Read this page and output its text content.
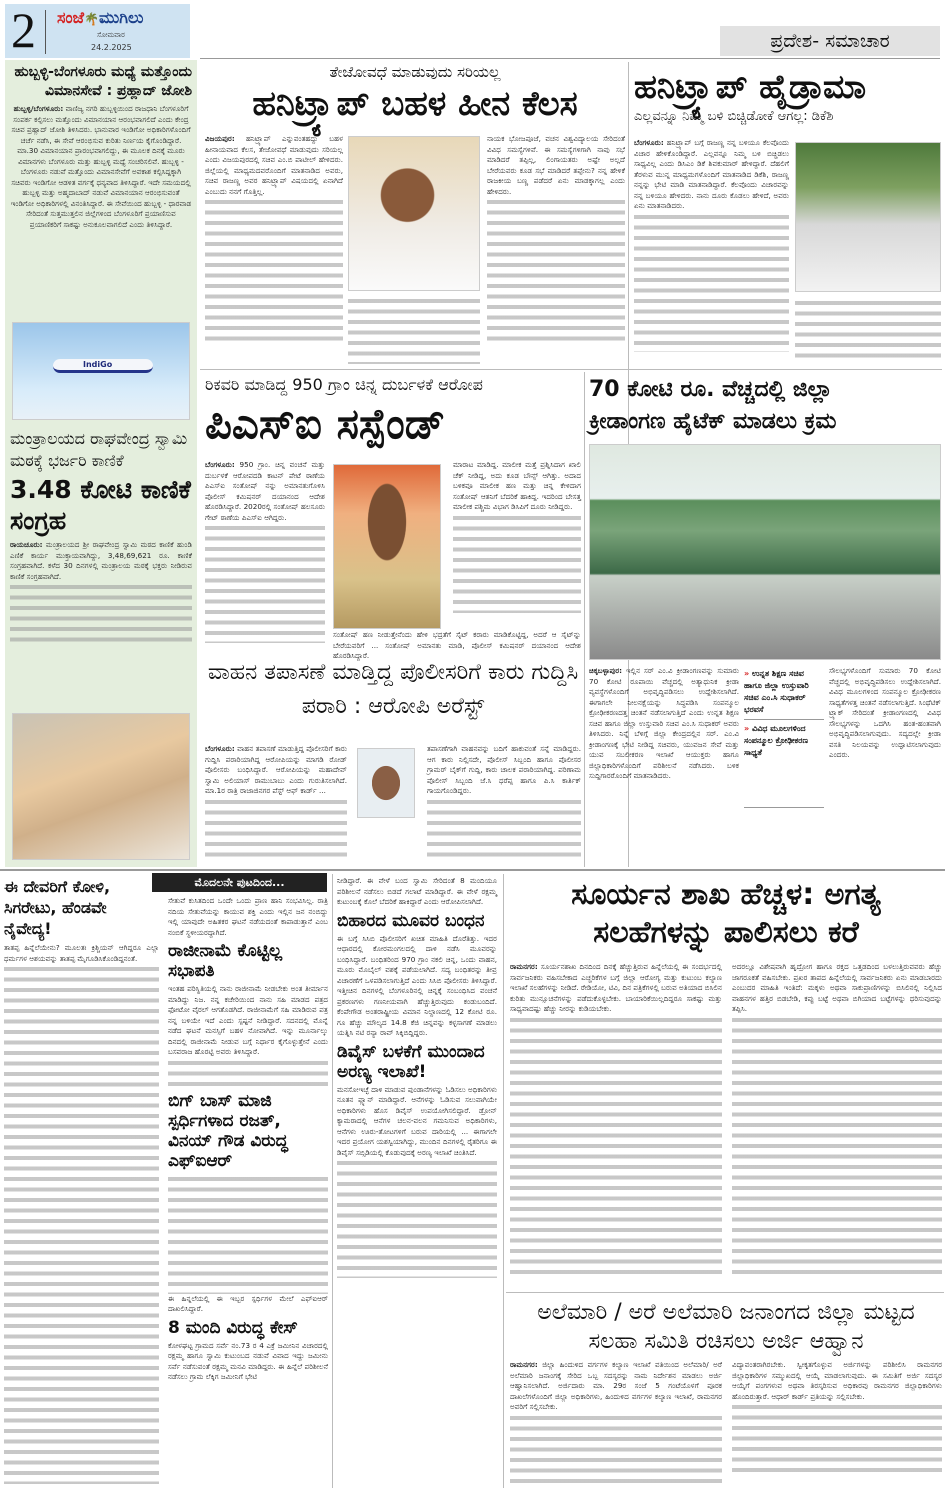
2 ಸಂಜೆ🌴ಮುಗಿಲು
ಸೋಮವಾರ
24.2.2025	ಪ್ರದೇಶ- ಸಮಾಚಾರ
ಹುಬ್ಬಳ್ಳಿ-ಬೆಂಗಳೂರು ಮಧ್ಯೆ ಮತ್ತೊಂದು ವಿಮಾನಸೇವೆ : ಪ್ರಹ್ಲಾದ್ ಜೋಶಿ
ಹುಬ್ಬಳ್ಳಿ/ಬೆಂಗಳೂರು: ವಾಣಿಜ್ಯ ನಗರಿ ಹುಬ್ಬಳ್ಳಿಯಿಂದ ರಾಜಧಾನಿ ಬೆಂಗಳೂರಿಗೆ ಸಂಪರ್ಕ ಕಲ್ಪಿಸಲು ಮತ್ತೊಂದು ವಿಮಾನಯಾನ ಆರಂಭವಾಗಲಿದೆ ಎಂದು ಕೇಂದ್ರ ಸಚಿವ ಪ್ರಹ್ಲಾದ್ ಜೋಶಿ ತಿಳಿಸಿದರು. ಭಾನುವಾರ ಇಂಡಿಗೋ ಅಧಿಕಾರಿಗಳೊಂದಿಗೆ ಚರ್ಚೆ ನಡೆಸಿ, ಈ ಸೇವೆ ಆರಂಭಿಸುವ ಕುರಿತು ನಿರ್ಣಯ ಕೈಗೊಂಡಿದ್ದಾರೆ. ಮಾ.30 ವಿಮಾನಯಾನ ಪ್ರಾರಂಭವಾಗಲಿದ್ದು, ಈ ಮೂಲಕ ದಿನಕ್ಕೆ ಮೂರು ವಿಮಾನಗಳು ಬೆಂಗಳೂರು ಮತ್ತು ಹುಬ್ಬಳ್ಳಿ ಮಧ್ಯೆ ಸಂಚರಿಸಲಿವೆ. ಹುಬ್ಬಳ್ಳಿ - ಬೆಂಗಳೂರು ನಡುವೆ ಮತ್ತೊಂದು ವಿಮಾನಸೇವೆಗೆ ಅವಕಾಶ ಕಲ್ಪಿಸಿದ್ದಕ್ಕಾಗಿ ಸಚಿವರು ಇಂಡಿಗೋ ಆಡಳಿತ ವರ್ಗಕ್ಕೆ ಧನ್ಯವಾದ ತಿಳಿಸಿದ್ದಾರೆ. ಇದೇ ಸಮಯದಲ್ಲಿ ಹುಬ್ಬಳ್ಳಿ ಮತ್ತು ಅಹ್ಮದಾಬಾದ್ ನಡುವೆ ವಿಮಾನಯಾನ ಆರಂಭಿಸುವಂತೆ ಇಂಡಿಗೋ ಅಧಿಕಾರಿಗಳಲ್ಲಿ ವಿನಂತಿಸಿದ್ದಾರೆ. ಈ ಸೇವೆಯಿಂದ ಹುಬ್ಬಳ್ಳಿ - ಧಾರವಾಡ ಸೇರಿದಂತೆ ಸುತ್ತಮುತ್ತಲಿನ ಜಿಲ್ಲೆಗಳಿಂದ ಬೆಂಗಳೂರಿಗೆ ಪ್ರಯಾಣಿಸುವ ಪ್ರಯಾಣಿಕರಿಗೆ ಸಾಕಷ್ಟು ಅನುಕೂಲವಾಗಲಿದೆ ಎಂದು ತಿಳಿಸಿದ್ದಾರೆ.
IndiGo
ಮಂತ್ರಾಲಯದ ರಾಘವೇಂದ್ರ ಸ್ವಾಮಿ ಮಠಕ್ಕೆ ಭರ್ಜರಿ ಕಾಣಿಕೆ
3.48 ಕೋಟಿ ಕಾಣಿಕೆ ಸಂಗ್ರಹ
ರಾಯಚೂರು: ಮಂತ್ರಾಲಯದ ಶ್ರೀ ರಾಘವೇಂದ್ರ ಸ್ವಾಮಿ ಮಠದ ಕಾಣಿಕೆ ಹುಂಡಿ ಎಣಿಕೆ ಕಾರ್ಯ ಮುಕ್ತಾಯವಾಗಿದ್ದು, 3,48,69,621 ರೂ. ಕಾಣಿಕೆ ಸಂಗ್ರಹವಾಗಿದೆ. ಕಳೆದ 30 ದಿನಗಳಲ್ಲಿ ಮಂತ್ರಾಲಯ ಮಠಕ್ಕೆ ಭಕ್ತರು ನೀಡಿರುವ ಕಾಣಿಕೆ ಸಂಗ್ರಹವಾಗಿದೆ.
ತೇಜೋವಧೆ ಮಾಡುವುದು ಸರಿಯಲ್ಲ
ಹನಿಟ್ರ್ಯಾಪ್ ಬಹಳ ಹೀನ ಕೆಲಸ
ವಿಜಯಪುರ: ಹನಿಟ್ರ್ಯಾಪ್ ಎನ್ನುವಂತಹದ್ದು ಬಹಳ ಹೀನಾಯವಾದ ಕೆಲಸ, ತೇಜೋವಧೆ ಮಾಡುವುದು ಸರಿಯಲ್ಲ ಎಂದು ವಿಜಯಪುರದಲ್ಲಿ ಸಚಿವ ಎಂ.ಬಿ ಪಾಟೀಲ್ ಹೇಳಿದರು. ಜಿಲ್ಲೆಯಲ್ಲಿ ಮಾಧ್ಯಮದವರೊಂದಿಗೆ ಮಾತನಾಡಿದ ಅವರು, ಸಚಿವ ರಾಜಣ್ಣ ಅವರ ಹನಿಟ್ರ್ಯಾಪ್ ವಿಷಯದಲ್ಲಿ ಏನಾಗಿದೆ ಎಂಬುದು ನನಗೆ ಗೊತ್ತಿಲ್ಲ.
ನಾಯಕ ಭೋಜಪೂಜೆ, ವಚನ ವಿಶ್ವವಿದ್ಯಾಲಯ ಸೇರಿದಂತೆ ವಿವಿಧ ಸಮಸ್ಯೆಗಳಿವೆ. ಈ ಸಮಸ್ಯೆಗಳಿಗಾಗಿ ನಾವು ಸಭೆ ಮಾಡಿದರೆ ತಪ್ಪಿಲ್ಲ, ಲಿಂಗಾಯತರು ಅಷ್ಟೇ ಅಲ್ಲದೆ ಬೇರೆಯವರು ಕೂಡ ಸಭೆ ಮಾಡಿದರೆ ತಪ್ಪೇನು? ನನ್ನ ಹೇಳಿಕೆ ರಾಜಕೀಯ ಬಣ್ಣ ಪಡೆದರೆ ಏನು ಮಾಡಕ್ಕಾಗಲ್ಲ ಎಂದು ಹೇಳಿದರು.
ಹನಿಟ್ರ್ಯಾಪ್ ಹೈಡ್ರಾಮಾ
ಎಲ್ಲವನ್ನೂ ನಿಮ್ಮ ಬಳಿ ಬಿಚ್ಚಿಡೋಕೆ ಆಗಲ್ಲ: ಡಿಕೆಶಿ
ಬೆಂಗಳೂರು: ಹನಿಟ್ರ್ಯಾಪ್ ಬಗ್ಗೆ ರಾಜಣ್ಣ ನನ್ನ ಬಳಿಯೂ ಕೆಲವೊಂದು ವಿಚಾರ ಹೇಳಿಕೊಂಡಿದ್ದಾರೆ. ಎಲ್ಲವನ್ನೂ ನಿಮ್ಮ ಬಳಿ ಬಿಚ್ಚಿಡಲು ಸಾಧ್ಯವಿಲ್ಲ ಎಂದು ಡಿಸಿಎಂ ಡಿಕೆ ಶಿವಕುಮಾರ್ ಹೇಳಿದ್ದಾರೆ. ದೆಹಲಿಗೆ ತೆರಳುವ ಮುನ್ನ ಮಾಧ್ಯಮಗಳೊಂದಿಗೆ ಮಾತನಾಡಿದ ಡಿಕೆಶಿ, ರಾಜಣ್ಣ ನನ್ನನ್ನು ಭೇಟಿ ಮಾಡಿ ಮಾತನಾಡಿದ್ದಾರೆ. ಕೆಲವೊಂದು ವಿಚಾರವನ್ನು ನನ್ನ ಬಳಿಯೂ ಹೇಳಿದರು. ನಾನು ದೂರು ಕೊಡಲು ಹೇಳಿದೆ, ಅವರು ಏನು ಮಾತನಾಡಿದರು.
ರಿಕವರಿ ಮಾಡಿದ್ದ 950 ಗ್ರಾಂ ಚಿನ್ನ ದುರ್ಬಳಕೆ ಆರೋಪ
ಪಿಎಸ್‌ಐ ಸಸ್ಪೆಂಡ್
ಬೆಂಗಳೂರು: 950 ಗ್ರಾಂ. ಚಿನ್ನ ವಂಚನೆ ಮತ್ತು ದುರ್ಬಳಕೆ ಆರೋಪದಡಿ ಕಾಟನ್ ಪೇಟೆ ಠಾಣೆಯ ಪಿಎಸ್‌ಐ ಸಂತೋಷ್ ನನ್ನು ಅಮಾನತುಗೊಳಿಸಿ ಪೊಲೀಸ್ ಕಮಿಷನರ್ ದಯಾನಂದ ಆದೇಶ ಹೊರಡಿಸಿದ್ದಾರೆ. 2020ರಲ್ಲಿ ಸಂತೋಷ್ ಹಲಸೂರು ಗೇಟ್ ಠಾಣೆಯ ಪಿಎಸ್‌ಐ ಆಗಿದ್ದರು.
ಮಾರಾಟ ಮಾಡಿದ್ದ. ಮಾಲೀಕ ಮತ್ತೆ ಪ್ರಶ್ನಿಸಿದಾಗ ಖಾಲಿ ಚೆಕ್ ನೀಡಿದ್ದ, ಅದು ಕೂಡ ಬೌನ್ಸ್ ಆಗಿತ್ತು. ಅದಾದ ಬಳಿಕವೂ ಮಾಲೀಕ ಹಣ ಮತ್ತು ಚಿನ್ನ ಕೇಳಿದಾಗ ಸಂತೋಷ್ ಆತನಿಗೆ ಬೆದರಿಕೆ ಹಾಕಿದ್ದ. ಇದರಿಂದ ಬೇಸತ್ತ ಮಾಲೀಕ ಪಶ್ಚಿಮ ವಿಭಾಗ ಡಿಸಿಪಿಗೆ ದೂರು ನೀಡಿದ್ದರು.
ಸಂತೋಷ್ ಹಣ ನೀಡುತ್ತೇನೆಂದು ಹೇಳಿ ಭದ್ರತೆಗೆ ಸೈಟ್ ಕರಾರು ಮಾಡಿಕೊಟ್ಟಿದ್ದ, ಅದರೆ ಆ ಸೈಟ್‌ನ್ನು ಬೇರೆಯವರಿಗೆ ... ಸಂತೋಷ್ ಅಮಾನತು ಮಾಡಿ, ಪೊಲೀಸ್ ಕಮಿಷನರ್ ದಯಾನಂದ ಆದೇಶ ಹೊರಡಿಸಿದ್ದಾರೆ.
ವಾಹನ ತಪಾಸಣೆ ಮಾಡ್ತಿದ್ದ ಪೊಲೀಸರಿಗೆ ಕಾರು ಗುದ್ದಿಸಿ ಪರಾರಿ : ಆರೋಪಿ ಅರೆಸ್ಟ್
ಬೆಂಗಳೂರು: ವಾಹನ ತಪಾಸಣೆ ಮಾಡುತ್ತಿದ್ದ ಪೊಲೀಸರಿಗೆ ಕಾರು ಗುದ್ದಿಸಿ ಪರಾರಿಯಾಗಿದ್ದ ಆರೋಪಿಯನ್ನು ಮಾಗಡಿ ರೋಡ್ ಪೊಲೀಸರು ಬಂಧಿಸಿದ್ದಾರೆ. ಆರೋಪಿಯನ್ನು ಮಹಾದೇವ್ ಸ್ವಾಮಿ ಅಲಿಯಾಸ್ ರಾಮುಬಾಬು ಎಂದು ಗುರುತಿಸಲಾಗಿದೆ. ಮಾ.1ರ ರಾತ್ರಿ ರಾಜಾಜಿನಗರ ಪೆಸ್ಟ್ ಆಫ್ ಕಾರ್ಡ್ ...
ತಪಾಸಣೆಗಾಗಿ ವಾಹನವನ್ನು ಬದಿಗೆ ಹಾಕುವಂತೆ ಸನ್ನೆ ಮಾಡಿದ್ದರು. ಆಗ ಕಾರು ನಿಲ್ಲಿಸದೇ, ಪೊಲೀಸ್ ಸಿಬ್ಬಂದಿ ಹಾಗೂ ಪೊಲೀಸರ ಗ್ರಾಮರ್ ಬೈಕ್‌ಗೆ ಗುದ್ದಿ, ಕಾರು ಚಾಲಕ ಪರಾರಿಯಾಗಿದ್ದ. ಪರಿಣಾಮ ಪೊಲೀಸ್ ಸಿಬ್ಬಂದಿ ಜೆ.ಸಿ ಧರೆಪ್ಪ ಹಾಗೂ ಪಿ.ಸಿ ಕಾರ್ತಿಕ್ ಗಾಯಗೊಂಡಿದ್ದರು.
70 ಕೋಟಿ ರೂ. ವೆಚ್ಚದಲ್ಲಿ ಜಿಲ್ಲಾ
ಕ್ರೀಡಾಂಗಣ ಹೈಟೆಕ್ ಮಾಡಲು ಕ್ರಮ
ಚಿಕ್ಕಬಳ್ಳಾಪುರ: ಇಲ್ಲಿನ ಸರ್ ಎಂ.ವಿ ಕ್ರೀಡಾಂಗಣವನ್ನು ಸುಮಾರು 70 ಕೋಟಿ ರೂಪಾಯಿ ವೆಚ್ಚದಲ್ಲಿ ಅತ್ಯಾಧುನಿಕ ಕ್ರೀಡಾ ವ್ಯವಸ್ಥೆಗಳೊಂದಿಗೆ ಅಭಿವೃದ್ಧಿಪಡಿಸಲು ಉದ್ದೇಶಿಸಲಾಗಿದೆ. ಈಗಾಗಲೇ ನೀಲನಕ್ಷೆಯನ್ನು ಸಿದ್ಧಪಡಿಸಿ ಸಂಪನ್ಮೂಲ ಕ್ರೋಢೀಕರಣದತ್ತ ಚಿಂತನೆ ನಡೆಸಲಾಗುತ್ತಿದೆ ಎಂದು ಉನ್ನತ ಶಿಕ್ಷಣ ಸಚಿವ ಹಾಗೂ ಜಿಲ್ಲಾ ಉಸ್ತುವಾರಿ ಸಚಿವ ಎಂ.ಸಿ ಸುಧಾಕರ್ ಅವರು ತಿಳಿಸಿದರು. ನಿನ್ನೆ ಬೆಳಿಗ್ಗೆ ಜಿಲ್ಲಾ ಕೇಂದ್ರದಲ್ಲಿನ ಸರ್. ಎಂ.ವಿ ಕ್ರೀಡಾಂಗಣಕ್ಕೆ ಭೇಟಿ ನೀಡಿದ್ದ ಸಚಿವರು, ಯುವಜನ ಸೇವೆ ಮತ್ತು ಯುವ ಸಬಲೀಕರಣ ಇಲಾಖೆ ಆಯುಕ್ತರು ಹಾಗೂ ಜಿಲ್ಲಾಧಿಕಾರಿಗಳೊಂದಿಗೆ ಪರಿಶೀಲನೆ ನಡೆಸಿದರು. ಬಳಿಕ ಸುದ್ದಿಗಾರರೊಂದಿಗೆ ಮಾತನಾಡಿದರು.
» ಉನ್ನತ ಶಿಕ್ಷಣ ಸಚಿವ ಹಾಗೂ ಜಿಲ್ಲಾ ಉಸ್ತುವಾರಿ ಸಚಿವ ಎಂ.ಸಿ ಸುಧಾಕರ್ ಭರವಸೆ
» ವಿವಿಧ ಮೂಲಗಳಿಂದ ಸಂಪನ್ಮೂಲ ಕ್ರೋಢೀಕರಣ ಸಾಧ್ಯತೆ
ಸೌಲಭ್ಯಗಳೊಂದಿಗೆ ಸುಮಾರು 70 ಕೋಟಿ ವೆಚ್ಚದಲ್ಲಿ ಅಭಿವೃದ್ಧಿಪಡಿಸಲು ಉದ್ದೇಶಿಸಲಾಗಿದೆ. ವಿವಿಧ ಮೂಲಗಳಿಂದ ಸಂಪನ್ಮೂಲ ಕ್ರೋಢೀಕರಣ ಸಾಧ್ಯತೆಗಳತ್ತ ಚಿಂತನೆ ನಡೆಸಲಾಗುತ್ತಿದೆ. ಸಿಂಥೆಟಿಕ್ ಟ್ರ್ಯಾಕ್ ಸೇರಿದಂತೆ ಕ್ರೀಡಾಂಗಣದಲ್ಲಿ ವಿವಿಧ ಸೌಲಭ್ಯಗಳನ್ನು ಒದಗಿಸಿ ಹಂತ-ಹಂತವಾಗಿ ಅಭಿವೃದ್ಧಿಪಡಿಸಲಾಗುವುದು. ಸದ್ಯದಲ್ಲೇ ಕ್ರೀಡಾ ವಸತಿ ನಿಲಯವನ್ನು ಉದ್ಘಾಟಿಸಲಾಗುವುದು ಎಂದರು.
ಈ ದೇವರಿಗೆ ಕೋಳಿ, ಸಿಗರೇಟು, ಹೆಂಡವೇ ನೈವೇದ್ಯ!
ತಾತಪ್ಪ ಹಿನ್ನೆಲೆಯೇನು? ಮೂಲತಃ ಕ್ರಿಶ್ಚಿಯನ್ ಆಗಿದ್ದರೂ ಎಲ್ಲಾ ಧರ್ಮಗಳ ಆಶಯವನ್ನು ತಾತಪ್ಪ ಮೈಗೂಡಿಸಿಕೊಂಡಿದ್ದನಂತೆ.
ಮೊದಲನೇ ಪುಟದಿಂದ...
ಸೇತುವೆ ಕುಸಿತದಿಂದ ಒಂದೇ ಒಂದು ಪ್ರಾಣ ಹಾನಿ ಸಂಭವಿಸಿಲ್ಲ. ರಾತ್ರಿ ನದಿಯ ಸೇತುವೆಯನ್ನು ಕಾಯುವ ಶಕ್ತಿ ಎಂದು ಇಲ್ಲಿನ ಜನ ನಂಬಿದ್ದು ಇಲ್ಲಿ ಯಾವುದೇ ಅಹಿತಕರ ಘಟನೆ ನಡೆಯದಂತೆ ಕಾಪಾಡುತ್ತಾನೆ ಎಂಬ ನಂಬಿಕೆ ಸ್ಥಳೀಯರದ್ದಾಗಿದೆ.
ರಾಜೀನಾಮೆ ಕೊಟ್ಟಿಲ್ಲ ಸಭಾಪತಿ
ಇಂತಹ ಪರಿಸ್ಥಿತಿಯಲ್ಲಿ ನಾನು ರಾಜೀನಾಮೆ ನೀಡಬೇಕು ಅಂತ ತೀರ್ಮಾನ ಮಾಡಿದ್ದು ನಿಜ. ನನ್ನ ಕಚೇರಿಯಿಂದ ನಾನು ಸಹಿ ಮಾಡದ ಪತ್ರದ ಫೋಟೋ ವೈರಲ್ ಆಗತೊಡಗಿದೆ. ರಾಜೀನಾಮೆಗೆ ಸಹಿ ಮಾಡಿರುವ ಪತ್ರ ನನ್ನ ಬಳಿಯೇ ಇದೆ ಎಂದು ಸ್ಪಷ್ಟನೆ ನೀಡಿದ್ದಾರೆ. ಸದನದಲ್ಲಿ ಮೊನ್ನೆ ನಡೆದ ಘಟನೆ ಮನಸ್ಸಿಗೆ ಬಹಳ ನೋವಾಗಿದೆ. ಇನ್ನು ಮೂರ್ನಾಲ್ಕು ದಿನದಲ್ಲಿ ರಾಜೀನಾಮೆ ನೀಡುವ ಬಗ್ಗೆ ನಿರ್ಧಾರ ಕೈಗೊಳ್ಳುತ್ತೇನೆ ಎಂದು ಬಸವರಾಜ ಹೊರಟ್ಟಿ ಅವರು ತಿಳಿಸಿದ್ದಾರೆ.
ಬಿಗ್ ಬಾಸ್ ಮಾಜಿ ಸ್ಪರ್ಧಿಗಳಾದ ರಜತ್, ವಿನಯ್ ಗೌಡ ವಿರುದ್ಧ ಎಫ್ಐಆರ್
ಈ ಹಿನ್ನಲೆಯಲ್ಲಿ ಈ ಇಬ್ಬರ ಸ್ಪರ್ಧಿಗಳ ಮೇಲೆ ಎಫ್‌ಐಆರ್ ದಾಖಲಿಸಿದ್ದಾರೆ.
8 ಮಂದಿ ವಿರುದ್ಧ ಕೇಸ್
ಕೋಳಘಟ್ಟ ಗ್ರಾಮದ ಸರ್ವೆ ನಂ.73 ರ 4 ಎಕ್ರೆ ಜಮೀನಿನ ವಿಚಾರದಲ್ಲಿ ರಕ್ಷಮ್ಮ ಹಾಗೂ ಸ್ವಾಮಿ ಕುಟುಂಬದ ನಡುವೆ ವಿವಾದ ಇದ್ದು ಜಮೀನು ಸರ್ವೆ ನಡೆಸುವಂತೆ ರಕ್ಷಮ್ಮ ಮನವಿ ಮಾಡಿದ್ದರು. ಈ ಹಿನ್ನೆಲೆ ಪರಿಶೀಲನೆ ನಡೆಸಲು ಗ್ರಾಮ ಲೆಕ್ಕಿಗ ಜಮೀನಿಗೆ ಭೇಟಿ
ನೀಡಿದ್ದಾರೆ. ಈ ವೇಳೆ ಬಂದ ಸ್ವಾಮಿ ಸೇರಿದಂತೆ 8 ಮಂದಿಯೂ ಪರಿಶೀಲನೆ ನಡೆಸಲು ಬಿಡದೆ ಗಲಾಟೆ ಮಾಡಿದ್ದಾರೆ. ಈ ವೇಳೆ ರಕ್ಷಮ್ಮ ಕುಟುಂಬಕ್ಕೆ ಕೊಲೆ ಬೆದರಿಕೆ ಹಾಕಿದ್ದಾರೆ ಎಂದು ಆರೋಪಿಸಲಾಗಿದೆ.
ಬಿಹಾರದ ಮೂವರ ಬಂಧನ
ಈ ಬಗ್ಗೆ ಸಿಸಿಬಿ ಪೊಲೀಸರಿಗೆ ಖಚಿತ ಮಾಹಿತಿ ದೊರೆತಿತ್ತು. ಇದರ ಆಧಾರದಲ್ಲಿ ಕೋರಮಂಗಲದಲ್ಲಿ ದಾಳಿ ನಡೆಸಿ ಮೂವರನ್ನು ಬಂಧಿಸಿದ್ದಾರೆ. ಬಂಧಿತರಿಂದ 970 ಗ್ರಾಂ ನಕಲಿ ಚಿನ್ನ, ಒಂದು ವಾಹನ, ಮೂರು ಮೊಬೈಲ್ ವಶಕ್ಕೆ ಪಡೆಯಲಾಗಿದೆ. ಸದ್ಯ ಬಂಧಿತರನ್ನು ತೀವ್ರ ವಿಚಾರಣೆಗೆ ಒಳಪಡಿಸಲಾಗುತ್ತಿದೆ ಎಂದು ಸಿಸಿಬಿ ಪೊಲೀಸರು ತಿಳಿಸಿದ್ದಾರೆ. ಇತ್ತೀಚಿನ ದಿನಗಳಲ್ಲಿ ಬೆಂಗಳೂರಿನಲ್ಲಿ ಚಿನ್ನಕ್ಕೆ ಸಂಬಂಧಿಸಿದ ವಂಚನೆ ಪ್ರಕರಣಗಳು ಗಣನೀಯವಾಗಿ ಹೆಚ್ಚುತ್ತಿರುವುದು ಕಂಡುಬಂದಿದೆ. ಕೆಂಪೇಗೌಡ ಅಂತರಾಷ್ಟ್ರೀಯ ವಿಮಾನ ನಿಲ್ದಾಣದಲ್ಲಿ 12 ಕೋಟಿ ರೂ. ಗೂ ಹೆಚ್ಚು ಮೌಲ್ಯದ 14.8 ಕೆಜಿ ಚಿನ್ನವನ್ನು ಕಳ್ಳಸಾಗಣೆ ಮಾಡಲು ಯತ್ನಿಸಿ ನಟಿ ರನ್ಯಾ ರಾವ್ ಸಿಕ್ಕಿಬಿದ್ದಿದ್ದರು.
ಡಿವೈಸ್ ಬಳಕೆಗೆ ಮುಂದಾದ ಅರಣ್ಯ ಇಲಾಖೆ!
ಮನಸೋಇಚ್ಛೆ ದಾಳಿ ಮಾಡುವ ಪುಂಡಾನೆಗಳನ್ನು ಓಡಿಸಲು ಅಧಿಕಾರಿಗಳು ನೂತನ ಪ್ಲ್ಯಾನ್ ಮಾಡಿದ್ದಾರೆ. ಆನೆಗಳನ್ನು ಓಡಿಸುವ ಸಲುವಾಗಿಯೇ ಅಧಿಕಾರಿಗಳು ಹೊಸ ಡಿವೈಸ್ ಉಪಯೋಗಿಸಲಿದ್ದಾರೆ. ಡ್ರೋನ್ ಕ್ಯಾಮರಾದಲ್ಲಿ ಆನೆಗಳ ಚಲನ-ವಲನ ಗಮನಿಸುವ ಅಧಿಕಾರಿಗಳು, ಆನೆಗಳು ಊರು-ತೋಟಗಳಿಗೆ ಬರುವ ದಾರಿಯಲ್ಲಿ ... ಈಗಾಗಲೇ ಇದರ ಪ್ರಯೋಗ ಯಶಸ್ವಿಯಾಗಿದ್ದು, ಮುಂದಿನ ದಿನಗಳಲ್ಲಿ ರೈತರಿಗೂ ಈ ಡಿವೈಸ್ ಸಬ್ಸಿಡಿಯಲ್ಲಿ ಕೊಡುವುದಕ್ಕೆ ಅರಣ್ಯ ಇಲಾಖೆ ಚಿಂತಿಸಿದೆ.
ಸೂರ್ಯನ ಶಾಖ ಹೆಚ್ಚಳ: ಅಗತ್ಯ ಸಲಹೆಗಳನ್ನು ಪಾಲಿಸಲು ಕರೆ
ರಾಮನಗರ: ಸೂರ್ಯನಶಾಖ ದಿನದಿಂದ ದಿನಕ್ಕೆ ಹೆಚ್ಚುತ್ತಿರುವ ಹಿನ್ನೆಲೆಯಲ್ಲಿ ಈ ಸಂದರ್ಭದಲ್ಲಿ ಸಾರ್ವಜನಿಕರು ವಹಿಸಬೇಕಾದ ಎಚ್ಚರಿಕೆಗಳ ಬಗ್ಗೆ ಜಿಲ್ಲಾ ಆರೋಗ್ಯ ಮತ್ತು ಕುಟುಂಬ ಕಲ್ಯಾಣ ಇಲಾಖೆ ಸಲಹೆಗಳನ್ನು ನೀಡಿದೆ. ರೇಡಿಯೋ, ಟಿವಿ, ದಿನ ಪತ್ರಿಕೆಗಳಲ್ಲಿ ಬರುವ ಅತಿಯಾದ ಬಿಸಿಲಿನ ಕುರಿತು ಮುನ್ಸೂಚನೆಗಳನ್ನು ಪಡೆದುಕೊಳ್ಳಬೇಕು. ಬಾಯಾರಿಕೆಯಿಲ್ಲದಿದ್ದರೂ ಸಾಕಷ್ಟು ಮತ್ತು ಸಾಧ್ಯವಾದಷ್ಟು ಹೆಚ್ಚು ನೀರನ್ನು ಕುಡಿಯಬೇಕು.
ಅದರಲ್ಲೂ ವಿಶೇಷವಾಗಿ ಹೃದ್ರೋಗ ಹಾಗೂ ರಕ್ತದ ಒತ್ತಡದಿಂದ ಬಳಲುತ್ತಿರುವವರು ಹೆಚ್ಚು ಜಾಗರೂಕತೆ ವಹಿಸಬೇಕು. ಪ್ರಖರ ತಾಪದ ಹಿನ್ನೆಲೆಯಲ್ಲಿ ಸಾರ್ವಜನಿಕರು ಏನು ಮಾಡಬಾರದು ಎಂಬುದರ ಮಾಹಿತಿ ಇಂತಿದೆ: ಮಕ್ಕಳು ಅಥವಾ ಸಾಕುಪ್ರಾಣಿಗಳನ್ನು ಬಿಸಿಲಿನಲ್ಲಿ ನಿಲ್ಲಿಸಿದ ವಾಹನಗಳ ಹತ್ತಿರ ಬಿಡಬೇಡಿ, ಕಪ್ಪು ಬಟ್ಟೆ ಅಥವಾ ಬಿಗಿಯಾದ ಬಟ್ಟೆಗಳನ್ನು ಧರಿಸುವುದನ್ನು ತಪ್ಪಿಸಿ.
ಅಲೆಮಾರಿ / ಅರೆ ಅಲೆಮಾರಿ ಜನಾಂಗದ ಜಿಲ್ಲಾ ಮಟ್ಟದ ಸಲಹಾ ಸಮಿತಿ ರಚಿಸಲು ಅರ್ಜಿ ಆಹ್ವಾನ
ರಾಮನಗರ: ಜಿಲ್ಲಾ ಹಿಂದುಳಿದ ವರ್ಗಗಳ ಕಲ್ಯಾಣ ಇಲಾಖೆ ವತಿಯಿಂದ ಅಲೆಮಾರಿ/ ಅರೆ ಅಲೆಮಾರಿ ಜನಾಂಗಕ್ಕೆ ಸೇರಿದ ಒಬ್ಬ ಸದಸ್ಯರನ್ನು ನಾಮ ನಿರ್ದೇಶನ ಮಾಡಲು ಅರ್ಜಿ ಆಹ್ವಾನಿಸಲಾಗಿದೆ. ಅರ್ಜಿದಾರು ಮಾ. 29ರ ಸಂಜೆ 5 ಗಂಟೆಯೊಳಗೆ ಪೂರಕ ದಾಖಲೆಗಳೊಂದಿಗೆ ಜಿಲ್ಲಾ ಅಧಿಕಾರಿಗಳು, ಹಿಂದುಳಿದ ವರ್ಗಗಳ ಕಲ್ಯಾಣ ಇಲಾಖೆ, ರಾಮನಗರ ಅವರಿಗೆ ಸಲ್ಲಿಸಬೇಕು.
ವಿದ್ಯಾವಂತರಾಗಿರಬೇಕು. ಸ್ವೀಕೃತಗೊಳ್ಳುವ ಅರ್ಜಿಗಳನ್ನು ಪರಿಶೀಲಿಸಿ ರಾಮನಗರ ಜಿಲ್ಲಾಧಿಕಾರಿಗಳ ಸಮ್ಮುಖದಲ್ಲಿ ಆಯ್ಕೆ ಮಾಡಲಾಗುವುದು. ಈ ಸಮಿತಿಗೆ ಅರ್ಜಿ ಸದಸ್ಯರ ಆಯ್ಕೆಗೆ ಪಂಗಗಳುವ ಅಥವಾ ತಿರಸ್ಕರಿಸುವ ಅಧಿಕಾರವು ರಾಮನಗರ ಜಿಲ್ಲಾಧಿಕಾರಿಗಳು ಹೊಂದಿರುತ್ತಾರೆ. ಆಧಾರ್ ಕಾರ್ಡ್ ಪ್ರತಿಯನ್ನು ಸಲ್ಲಿಸಬೇಕು.
